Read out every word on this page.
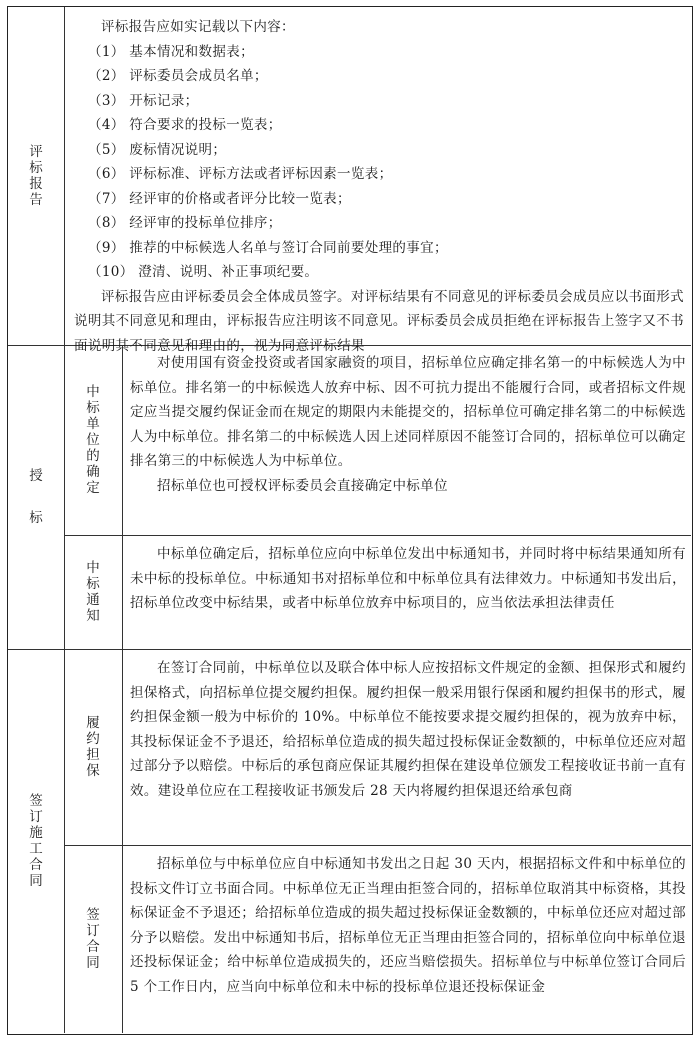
评
标
报
告

评标报告应如实记载以下内容：

（1） 基本情况和数据表；

（2） 评标委员会成员名单；

（3） 开标记录；

（4） 符合要求的投标一览表；

（5） 废标情况说明；

（6） 评标标准、评标方法或者评标因素一览表；

（7） 经评审的价格或者评分比较一览表；

（8） 经评审的投标单位排序；

（9） 推荐的中标候选人名单与签订合同前要处理的事宜；

（10） 澄清、说明、补正事项纪要。

评标报告应由评标委员会全体成员签字。对评标结果有不同意见的评标委员会成员应以书面形式说明其不同意见和理由，评标报告应注明该不同意见。评标委员会成员拒绝在评标报告上签字又不书面说明其不同意见和理由的，视为同意评标结果

授
标
中
标
单
位
的
确
定

对使用国有资金投资或者国家融资的项目，招标单位应确定排名第一的中标候选人为中标单位。排名第一的中标候选人放弃中标、因不可抗力提出不能履行合同，或者招标文件规定应当提交履约保证金而在规定的期限内未能提交的，招标单位可确定排名第二的中标候选人为中标单位。排名第二的中标候选人因上述同样原因不能签订合同的，招标单位可以确定排名第三的中标候选人为中标单位。

招标单位也可授权评标委员会直接确定中标单位

中
标
通
知

中标单位确定后，招标单位应向中标单位发出中标通知书，并同时将中标结果通知所有未中标的投标单位。中标通知书对招标单位和中标单位具有法律效力。中标通知书发出后，招标单位改变中标结果，或者中标单位放弃中标项目的，应当依法承担法律责任

签
订
施
工
合
同
履
约
担
保

在签订合同前，中标单位以及联合体中标人应按招标文件规定的金额、担保形式和履约担保格式，向招标单位提交履约担保。履约担保一般采用银行保函和履约担保书的形式，履约担保金额一般为中标价的 10%。中标单位不能按要求提交履约担保的，视为放弃中标，其投标保证金不予退还，给招标单位造成的损失超过投标保证金数额的，中标单位还应对超过部分予以赔偿。中标后的承包商应保证其履约担保在建设单位颁发工程接收证书前一直有效。建设单位应在工程接收证书颁发后 28 天内将履约担保退还给承包商

签
订
合
同

招标单位与中标单位应自中标通知书发出之日起 30 天内，根据招标文件和中标单位的投标文件订立书面合同。中标单位无正当理由拒签合同的，招标单位取消其中标资格，其投标保证金不予退还；给招标单位造成的损失超过投标保证金数额的，中标单位还应对超过部分予以赔偿。发出中标通知书后，招标单位无正当理由拒签合同的，招标单位向中标单位退还投标保证金；给中标单位造成损失的，还应当赔偿损失。招标单位与中标单位签订合同后 5 个工作日内，应当向中标单位和未中标的投标单位退还投标保证金
